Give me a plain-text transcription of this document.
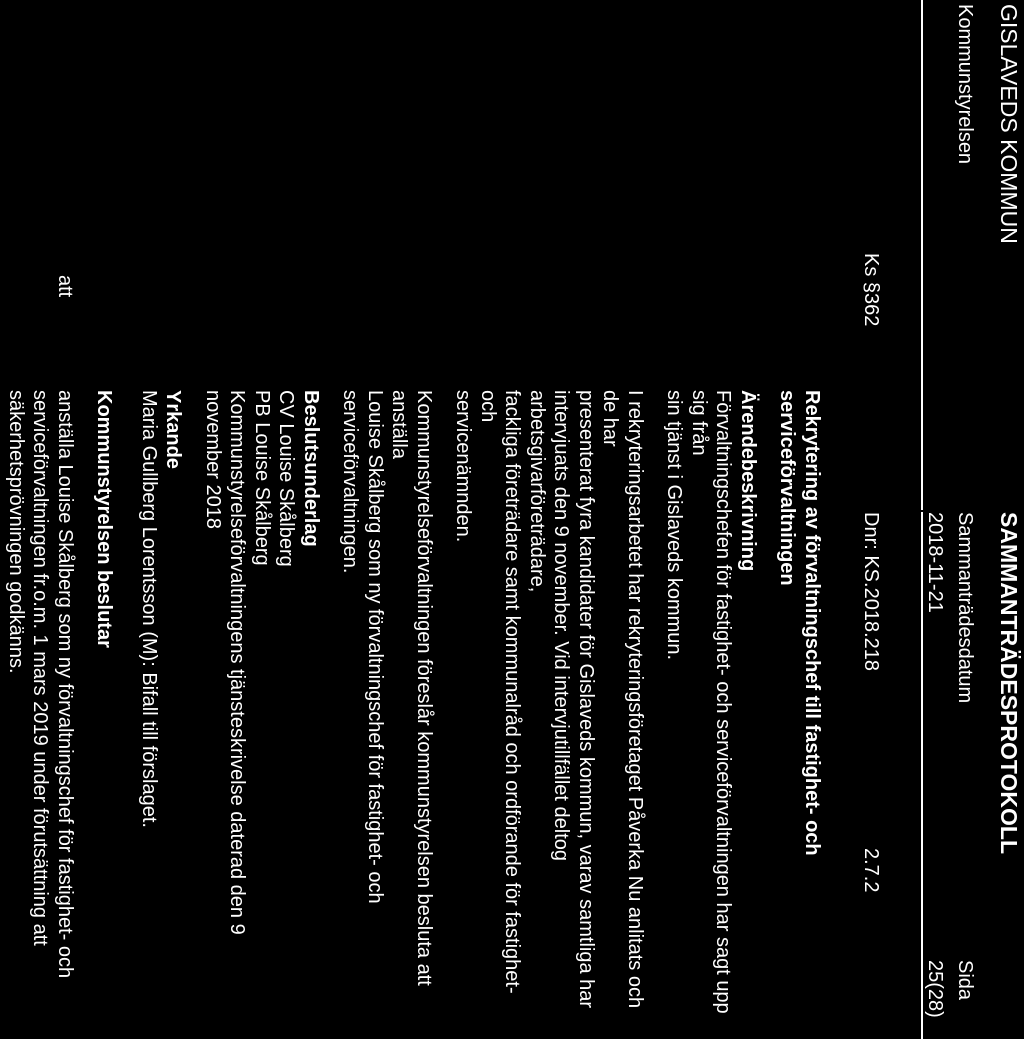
GISLAVEDS KOMMUN
SAMMANTRÄDESPROTOKOLL
Kommunstyrelsen
Sammanträdesdatum
Sida
2018-11-21
25(28)
Ks §362
Dnr: KS.2018.218
2.7.2

Rekrytering av förvaltningschef till fastighet- och

serviceförvaltningen

Ärendebeskrivning

Förvaltningschefen för fastighet- och serviceförvaltningen har sagt upp sig från

sin tjänst i Gislaveds kommun.

I rekryteringsarbetet har rekryteringsföretaget Påverka Nu anlitats och de har

presenterat fyra kandidater för Gislaveds kommun, varav samtliga har

intervjuats den 9 november. Vid intervjutillfället deltog arbetsgivarföreträdare,

fackliga företrädare samt kommunalråd och ordförande för fastighet- och

servicenämnden.

Kommunstyrelseförvaltningen föreslår kommunstyrelsen besluta att anställa

Louise Skålberg som ny förvaltningschef för fastighet- och serviceförvaltningen.

Beslutsunderlag

CV Louise Skålberg

PB Louise Skålberg

Kommunstyrelseförvaltningens tjänsteskrivelse daterad den 9 november 2018

Yrkande

Maria Gullberg Lorentsson (M): Bifall till förslaget.

Kommunstyrelsen beslutar

att

anställa Louise Skålberg som ny förvaltningschef för fastighet- och

serviceförvaltningen fr.o.m. 1 mars 2019 under förutsättning att

säkerhetsprövningen godkänns.
